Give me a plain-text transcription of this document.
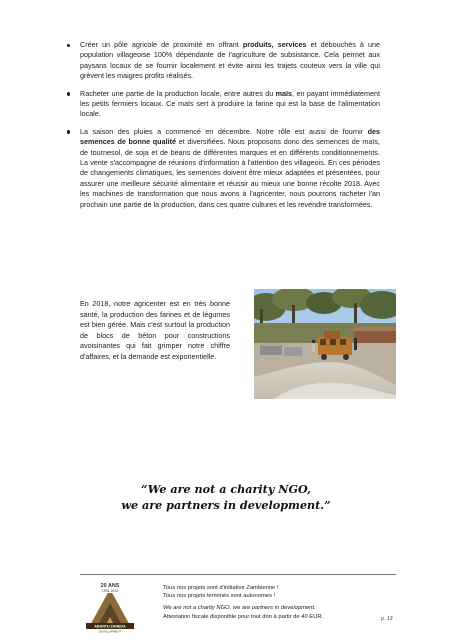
Créer un pôle agricole de proximité en offrant produits, services et débouchés à une population villageoise 100% dépendante de l'agriculture de subsistance. Cela permet aux paysans locaux de se fournir localement et évite ainsi les trajets couteux vers la ville qui grèvent les maigres profits réalisés.
Racheter une partie de la production locale, entre autres du maïs, en payant immédiatement les petits fermiers locaux. Ce maïs sert à produire la farine qui est la base de l'alimentation locale.
La saison des pluies a commencé en décembre. Notre rôle est aussi de fournir des semences de bonne qualité et diversifiées. Nous proposons donc des semences de maïs, de tournesol, de soja et de beans de différentes marques et en différents conditionnements. La vente s'accompagne de réunions d'information à l'attention des villageois. En ces périodes de changements climatiques, les semences doivent être mieux adaptées et présentées, pour assurer une meilleure sécurité alimentaire et réussir au mieux une bonne récolte 2018. Avec les machines de transformation que nous avons à l'agricenter, nous pourrons racheter l'an prochain une partie de la production, dans ces quatre cultures et les revendre transformées.
En 2018, notre agricenter est en très bonne santé, la production des farines et de légumes est bien gérée. Mais c'est surtout la production de blocs de béton pour constructions avoisinantes qui fait grimper notre chiffre d'affaires, et la demande est exponentielle.
“We are not a charity NGO,
we are partners in development.”
20 ANS
1994-2014
ABANTU ZANEDA
DEVELOPMENT
Tous nos projets sont d'initiative Zambienne !
Tous nos projets terminés sont autonomes !
We are not a charity NGO, we are partners in development.
Attestation fiscale disponible pour tout don à partir de 40 EUR.	p. 13
